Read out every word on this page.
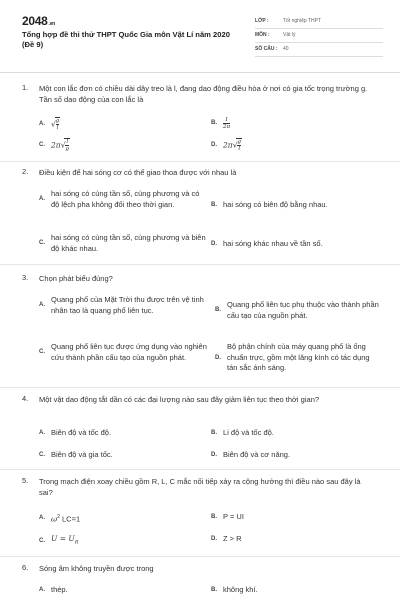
2048.vn
Tổng hợp đề thi thử THPT Quốc Gia môn Vật Lí năm 2020 (Đề 9)
LỚP :	Tốt nghiệp THPT
MÔN :	Vật lý
SỐ CÂU : 40
1. Một con lắc đơn có chiều dài dây treo là l, đang dao động điều hòa ở nơi có gia tốc trọng trường g. Tần số dao động của con lắc là
A. √ $\frac{g}{l}$	B.	$\frac{1}{2\pi}$
C. $2\pi√ \frac{l}{g}$	D. $2\pi√ \frac{g}{l}$
2. Điều kiện để hai sóng cơ có thể giao thoa được với nhau là
A.
hai sóng có cùng tần số, cùng phương và có độ lệch pha không đổi theo thời gian.	B. hai sóng có biên độ bằng nhau.
C.
hai sóng có cùng tần số, cùng phương và biên độ khác nhau.	D. hai sóng khác nhau về tần số.
3. Chọn phát biểu đúng?
A.
Quang phổ của Mặt Trời thu được trên vệ tinh nhân tạo là quang phổ liên tục.	B.
Quang phổ liên tục phụ thuộc vào thành phần cấu tạo của nguồn phát.
C.
Quang phổ liên tục được ứng dụng vào nghiên cứu thành phần cấu tạo của nguồn phát.	D.
Bộ phận chính của máy quang phổ là ống chuẩn trực, gồm một lăng kính có tác dụng tán sắc ánh sáng.
4. Một vật dao động tắt dần có các đại lượng nào sau đây giảm liên tục theo thời gian?
A. Biên độ và tốc độ.	B. Li độ và tốc độ.
C. Biên độ và gia tốc.	D. Biên độ và cơ năng.
5. Trong mạch điện xoay chiều gồm R, L, C mắc nối tiếp xảy ra cộng hưởng thì điều nào sau đây là sai?
A. $\omega^2$ LC=1	B. P = UI
C. $U = U_R$
D. Z > R
6. Sóng âm không truyền được trong
A. thép.	B. không khí.
